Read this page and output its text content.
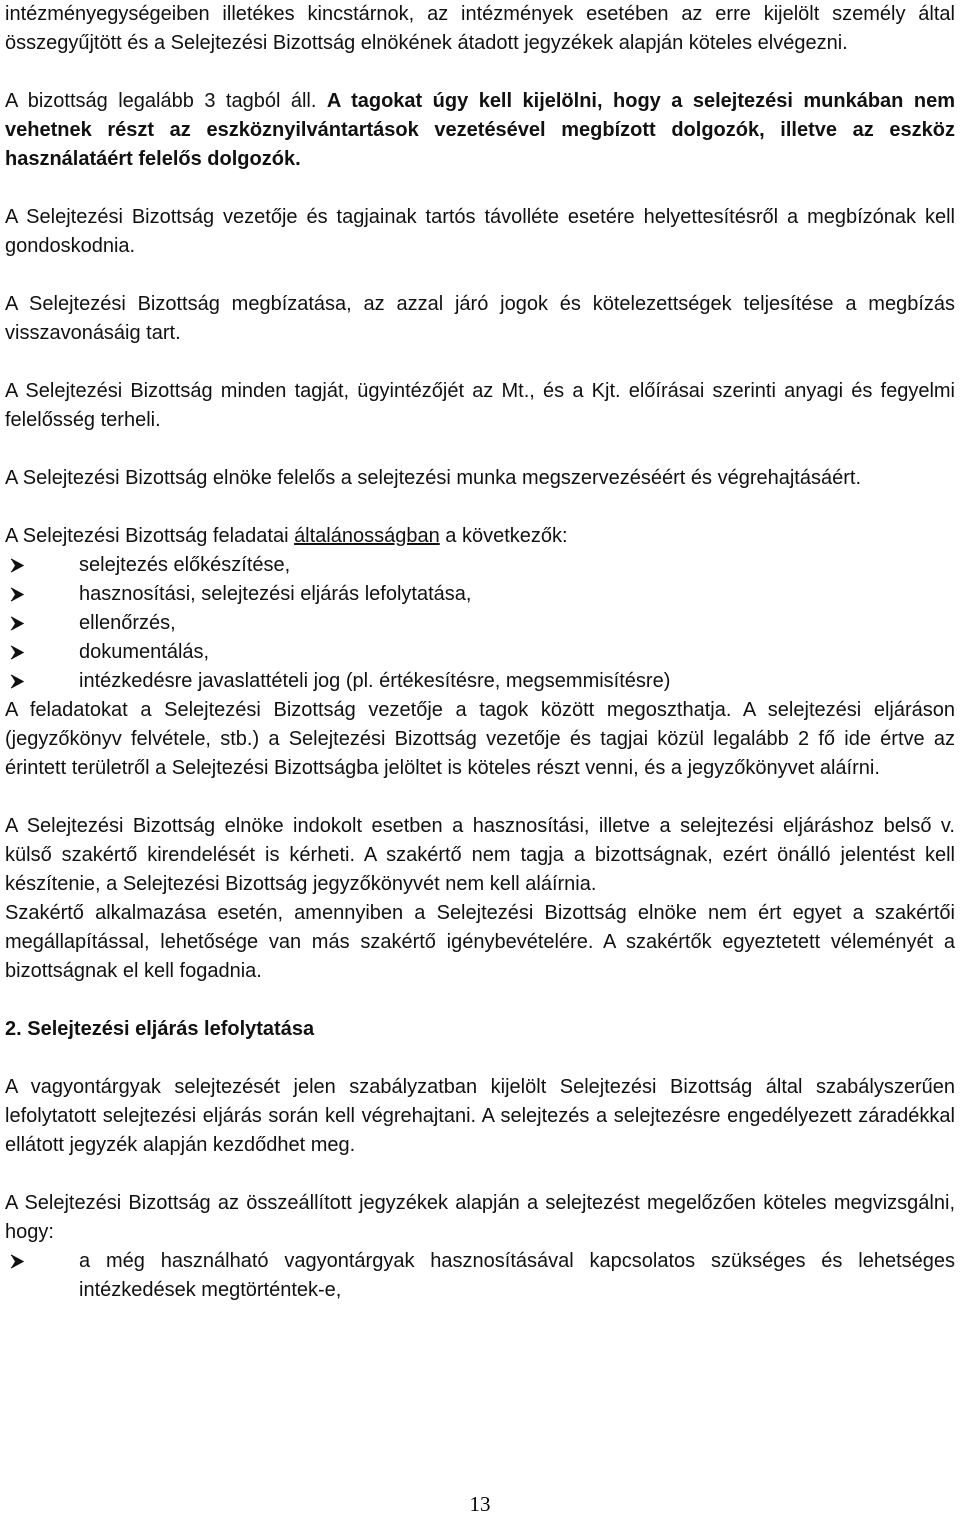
intézményegységeiben illetékes kincstárnok, az intézmények esetében az erre kijelölt személy által összegyűjtött és a Selejtezési Bizottság elnökének átadott jegyzékek alapján köteles elvégezni.

A bizottság legalább 3 tagból áll. A tagokat úgy kell kijelölni, hogy a selejtezési munkában nem vehetnek részt az eszköznyilvántartások vezetésével megbízott dolgozók, illetve az eszköz használatáért felelős dolgozók.

A Selejtezési Bizottság vezetője és tagjainak tartós távolléte esetére helyettesítésről a megbízónak kell gondoskodnia.

A Selejtezési Bizottság megbízatása, az azzal járó jogok és kötelezettségek teljesítése a megbízás visszavonásáig tart.

A Selejtezési Bizottság minden tagját, ügyintézőjét az Mt., és a Kjt. előírásai szerinti anyagi és fegyelmi felelősség terheli.

A Selejtezési Bizottság elnöke felelős a selejtezési munka megszervezéséért és végrehajtásáért.

A Selejtezési Bizottság feladatai általánosságban a következők:

selejtezés előkészítése,
hasznosítási, selejtezési eljárás lefolytatása,
ellenőrzés,
dokumentálás,
intézkedésre javaslattételi jog (pl. értékesítésre, megsemmisítésre)

A feladatokat a Selejtezési Bizottság vezetője a tagok között megoszthatja. A selejtezési eljáráson (jegyzőkönyv felvétele, stb.) a Selejtezési Bizottság vezetője és tagjai közül legalább 2 fő ide értve az érintett területről a Selejtezési Bizottságba jelöltet is köteles részt venni, és a jegyzőkönyvet aláírni.

A Selejtezési Bizottság elnöke indokolt esetben a hasznosítási, illetve a selejtezési eljáráshoz belső v. külső szakértő kirendelését is kérheti. A szakértő nem tagja a bizottságnak, ezért önálló jelentést kell készítenie, a Selejtezési Bizottság jegyzőkönyvét nem kell aláírnia.

Szakértő alkalmazása esetén, amennyiben a Selejtezési Bizottság elnöke nem ért egyet a szakértői megállapítással, lehetősége van más szakértő igénybevételére. A szakértők egyeztetett véleményét a bizottságnak el kell fogadnia.

2. Selejtezési eljárás lefolytatása

A vagyontárgyak selejtezését jelen szabályzatban kijelölt Selejtezési Bizottság által szabályszerűen lefolytatott selejtezési eljárás során kell végrehajtani. A selejtezés a selejtezésre engedélyezett záradékkal ellátott jegyzék alapján kezdődhet meg.

A Selejtezési Bizottság az összeállított jegyzékek alapján a selejtezést megelőzően köteles megvizsgálni, hogy:

a még használható vagyontárgyak hasznosításával kapcsolatos szükséges és lehetséges intézkedések megtörténtek-e,
13
